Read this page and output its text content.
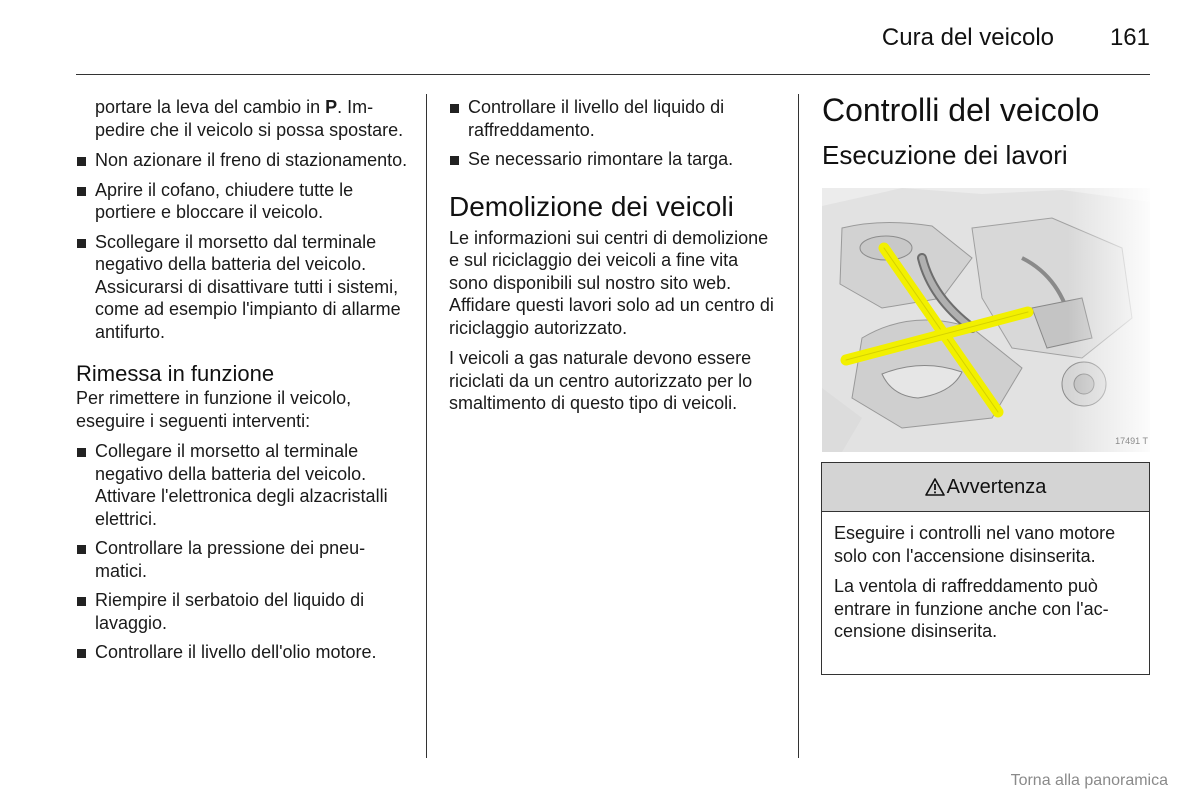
Cura del veicolo	161

portare la leva del cambio in P. Impedire che il veicolo si possa spostare.

Non azionare il freno di stazionamento.
Aprire il cofano, chiudere tutte le portiere e bloccare il veicolo.
Scollegare il morsetto dal terminale negativo della batteria del veicolo. Assicurarsi di disattivare tutti i sistemi, come ad esempio l'impianto di allarme antifurto.
Rimessa in funzione

Per rimettere in funzione il veicolo, eseguire i seguenti interventi:

Collegare il morsetto al terminale negativo della batteria del veicolo. Attivare l'elettronica degli alzacristalli elettrici.
Controllare la pressione dei pneumatici.
Riempire il serbatoio del liquido di lavaggio.
Controllare il livello dell'olio motore.
Controllare il livello del liquido di raffreddamento.
Se necessario rimontare la targa.
Demolizione dei veicoli

Le informazioni sui centri di demolizione e sul riciclaggio dei veicoli a fine vita sono disponibili sul nostro sito web. Affidare questi lavori solo ad un centro di riciclaggio autorizzato.

I veicoli a gas naturale devono essere riciclati da un centro autorizzato per lo smaltimento di questo tipo di veicoli.

Controlli del veicolo
Esecuzione dei lavori
17491 T
Avvertenza

Eseguire i controlli nel vano motore solo con l'accensione disinserita.

La ventola di raffreddamento può entrare in funzione anche con l'accensione disinserita.

Torna alla panoramica
